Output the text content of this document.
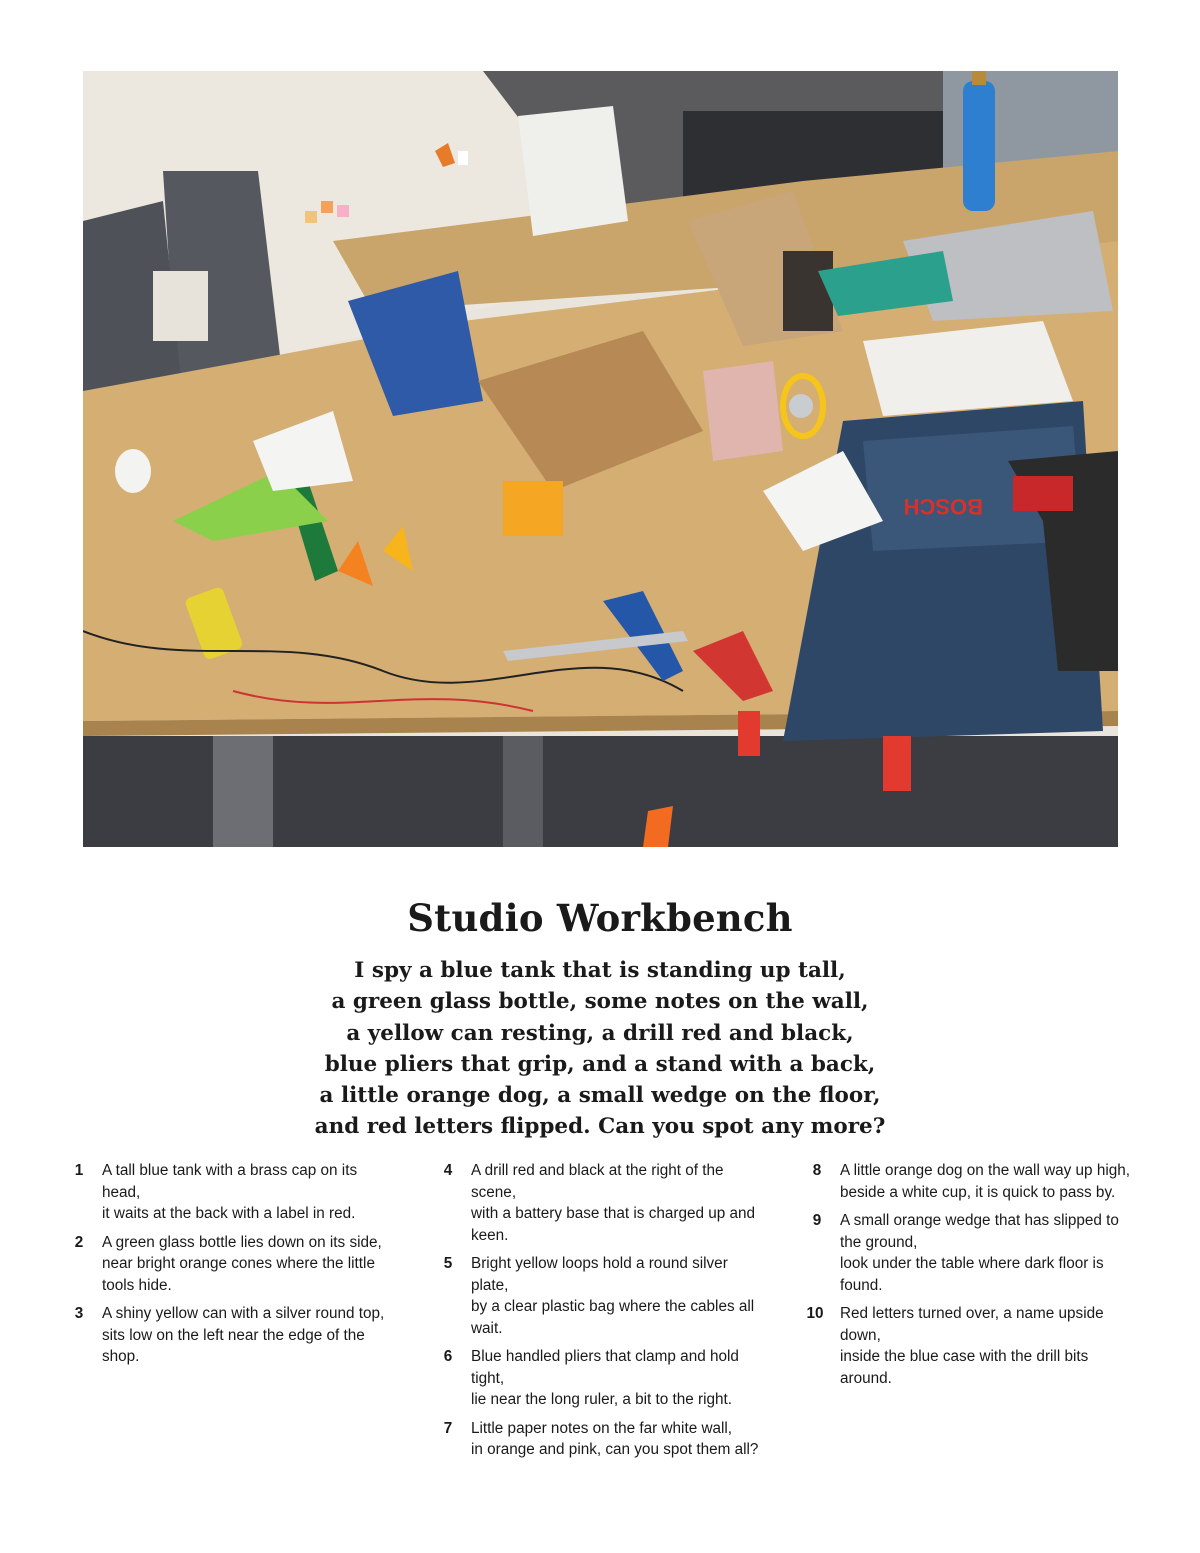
BOSCH
Studio Workbench
I spy a blue tank that is standing up tall,
a green glass bottle, some notes on the wall,
a yellow can resting, a drill red and black,
blue pliers that grip, and a stand with a back,
a little orange dog, a small wedge on the floor,
and red letters flipped. Can you spot any more?
1	A tall blue tank with a brass cap on its head,
it waits at the back with a label in red.
2	A green glass bottle lies down on its side,
near bright orange cones where the little tools hide.
3	A shiny yellow can with a silver round top,
sits low on the left near the edge of the shop.
4	A drill red and black at the right of the scene,
with a battery base that is charged up and keen.
5	Bright yellow loops hold a round silver plate,
by a clear plastic bag where the cables all wait.
6	Blue handled pliers that clamp and hold tight,
lie near the long ruler, a bit to the right.
7	Little paper notes on the far white wall,
in orange and pink, can you spot them all?
8	A little orange dog on the wall way up high,
beside a white cup, it is quick to pass by.
9	A small orange wedge that has slipped to the ground,
look under the table where dark floor is found.
10	Red letters turned over, a name upside down,
inside the blue case with the drill bits around.
